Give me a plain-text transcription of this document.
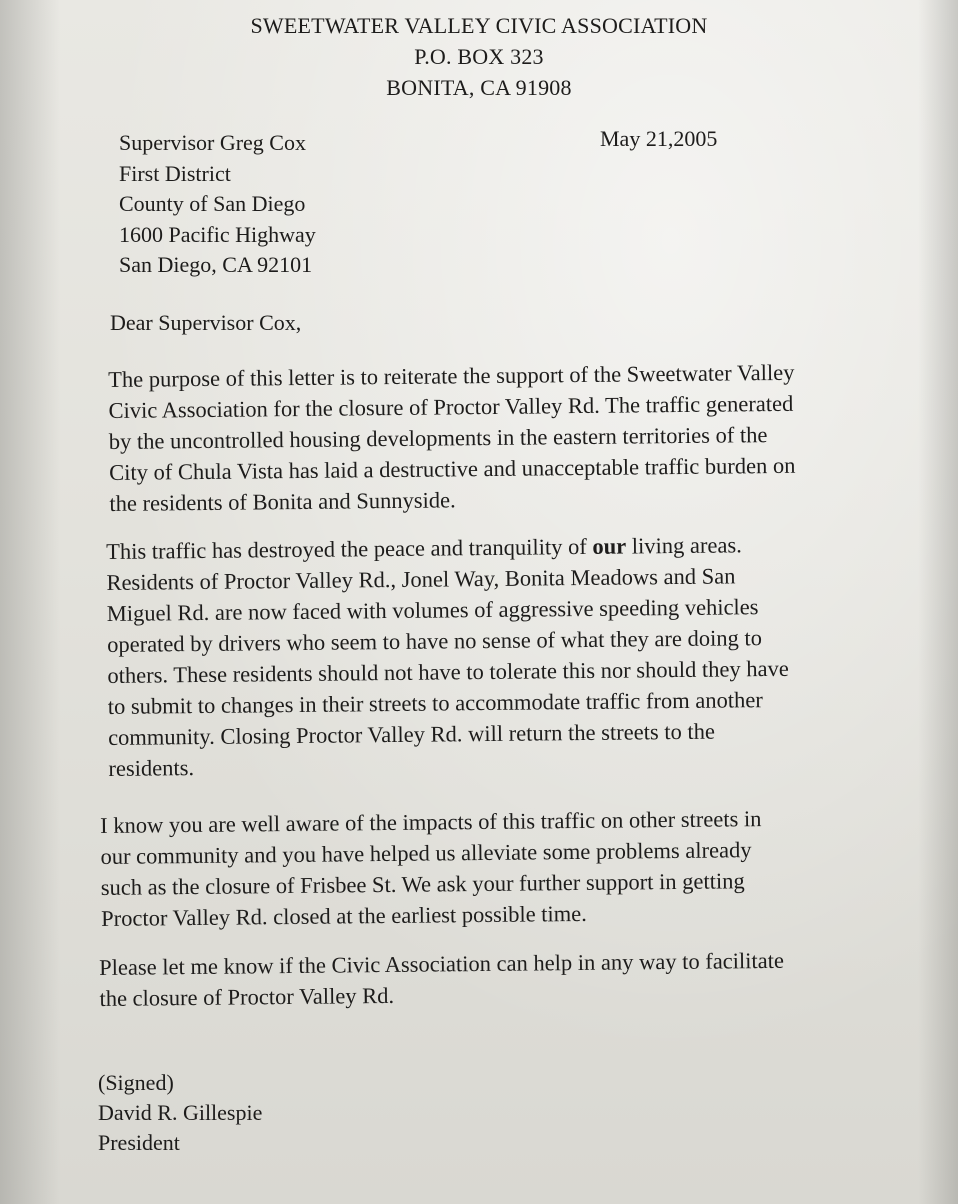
SWEETWATER VALLEY CIVIC ASSOCIATION
P.O. BOX 323
BONITA, CA 91908
Supervisor Greg Cox
First District
County of San Diego
1600 Pacific Highway
San Diego, CA 92101
May 21,2005
Dear Supervisor Cox,
The purpose of this letter is to reiterate the support of the Sweetwater Valley
Civic Association for the closure of Proctor Valley Rd. The traffic generated
by the uncontrolled housing developments in the eastern territories of the
City of Chula Vista has laid a destructive and unacceptable traffic burden on
the residents of Bonita and Sunnyside.
This traffic has destroyed the peace and tranquility of our living areas.
Residents of Proctor Valley Rd., Jonel Way, Bonita Meadows and San
Miguel Rd. are now faced with volumes of aggressive speeding vehicles
operated by drivers who seem to have no sense of what they are doing to
others. These residents should not have to tolerate this nor should they have
to submit to changes in their streets to accommodate traffic from another
community. Closing Proctor Valley Rd. will return the streets to the
residents.
I know you are well aware of the impacts of this traffic on other streets in
our community and you have helped us alleviate some problems already
such as the closure of Frisbee St. We ask your further support in getting
Proctor Valley Rd. closed at the earliest possible time.
Please let me know if the Civic Association can help in any way to facilitate
the closure of Proctor Valley Rd.
(Signed)
David R. Gillespie
President
